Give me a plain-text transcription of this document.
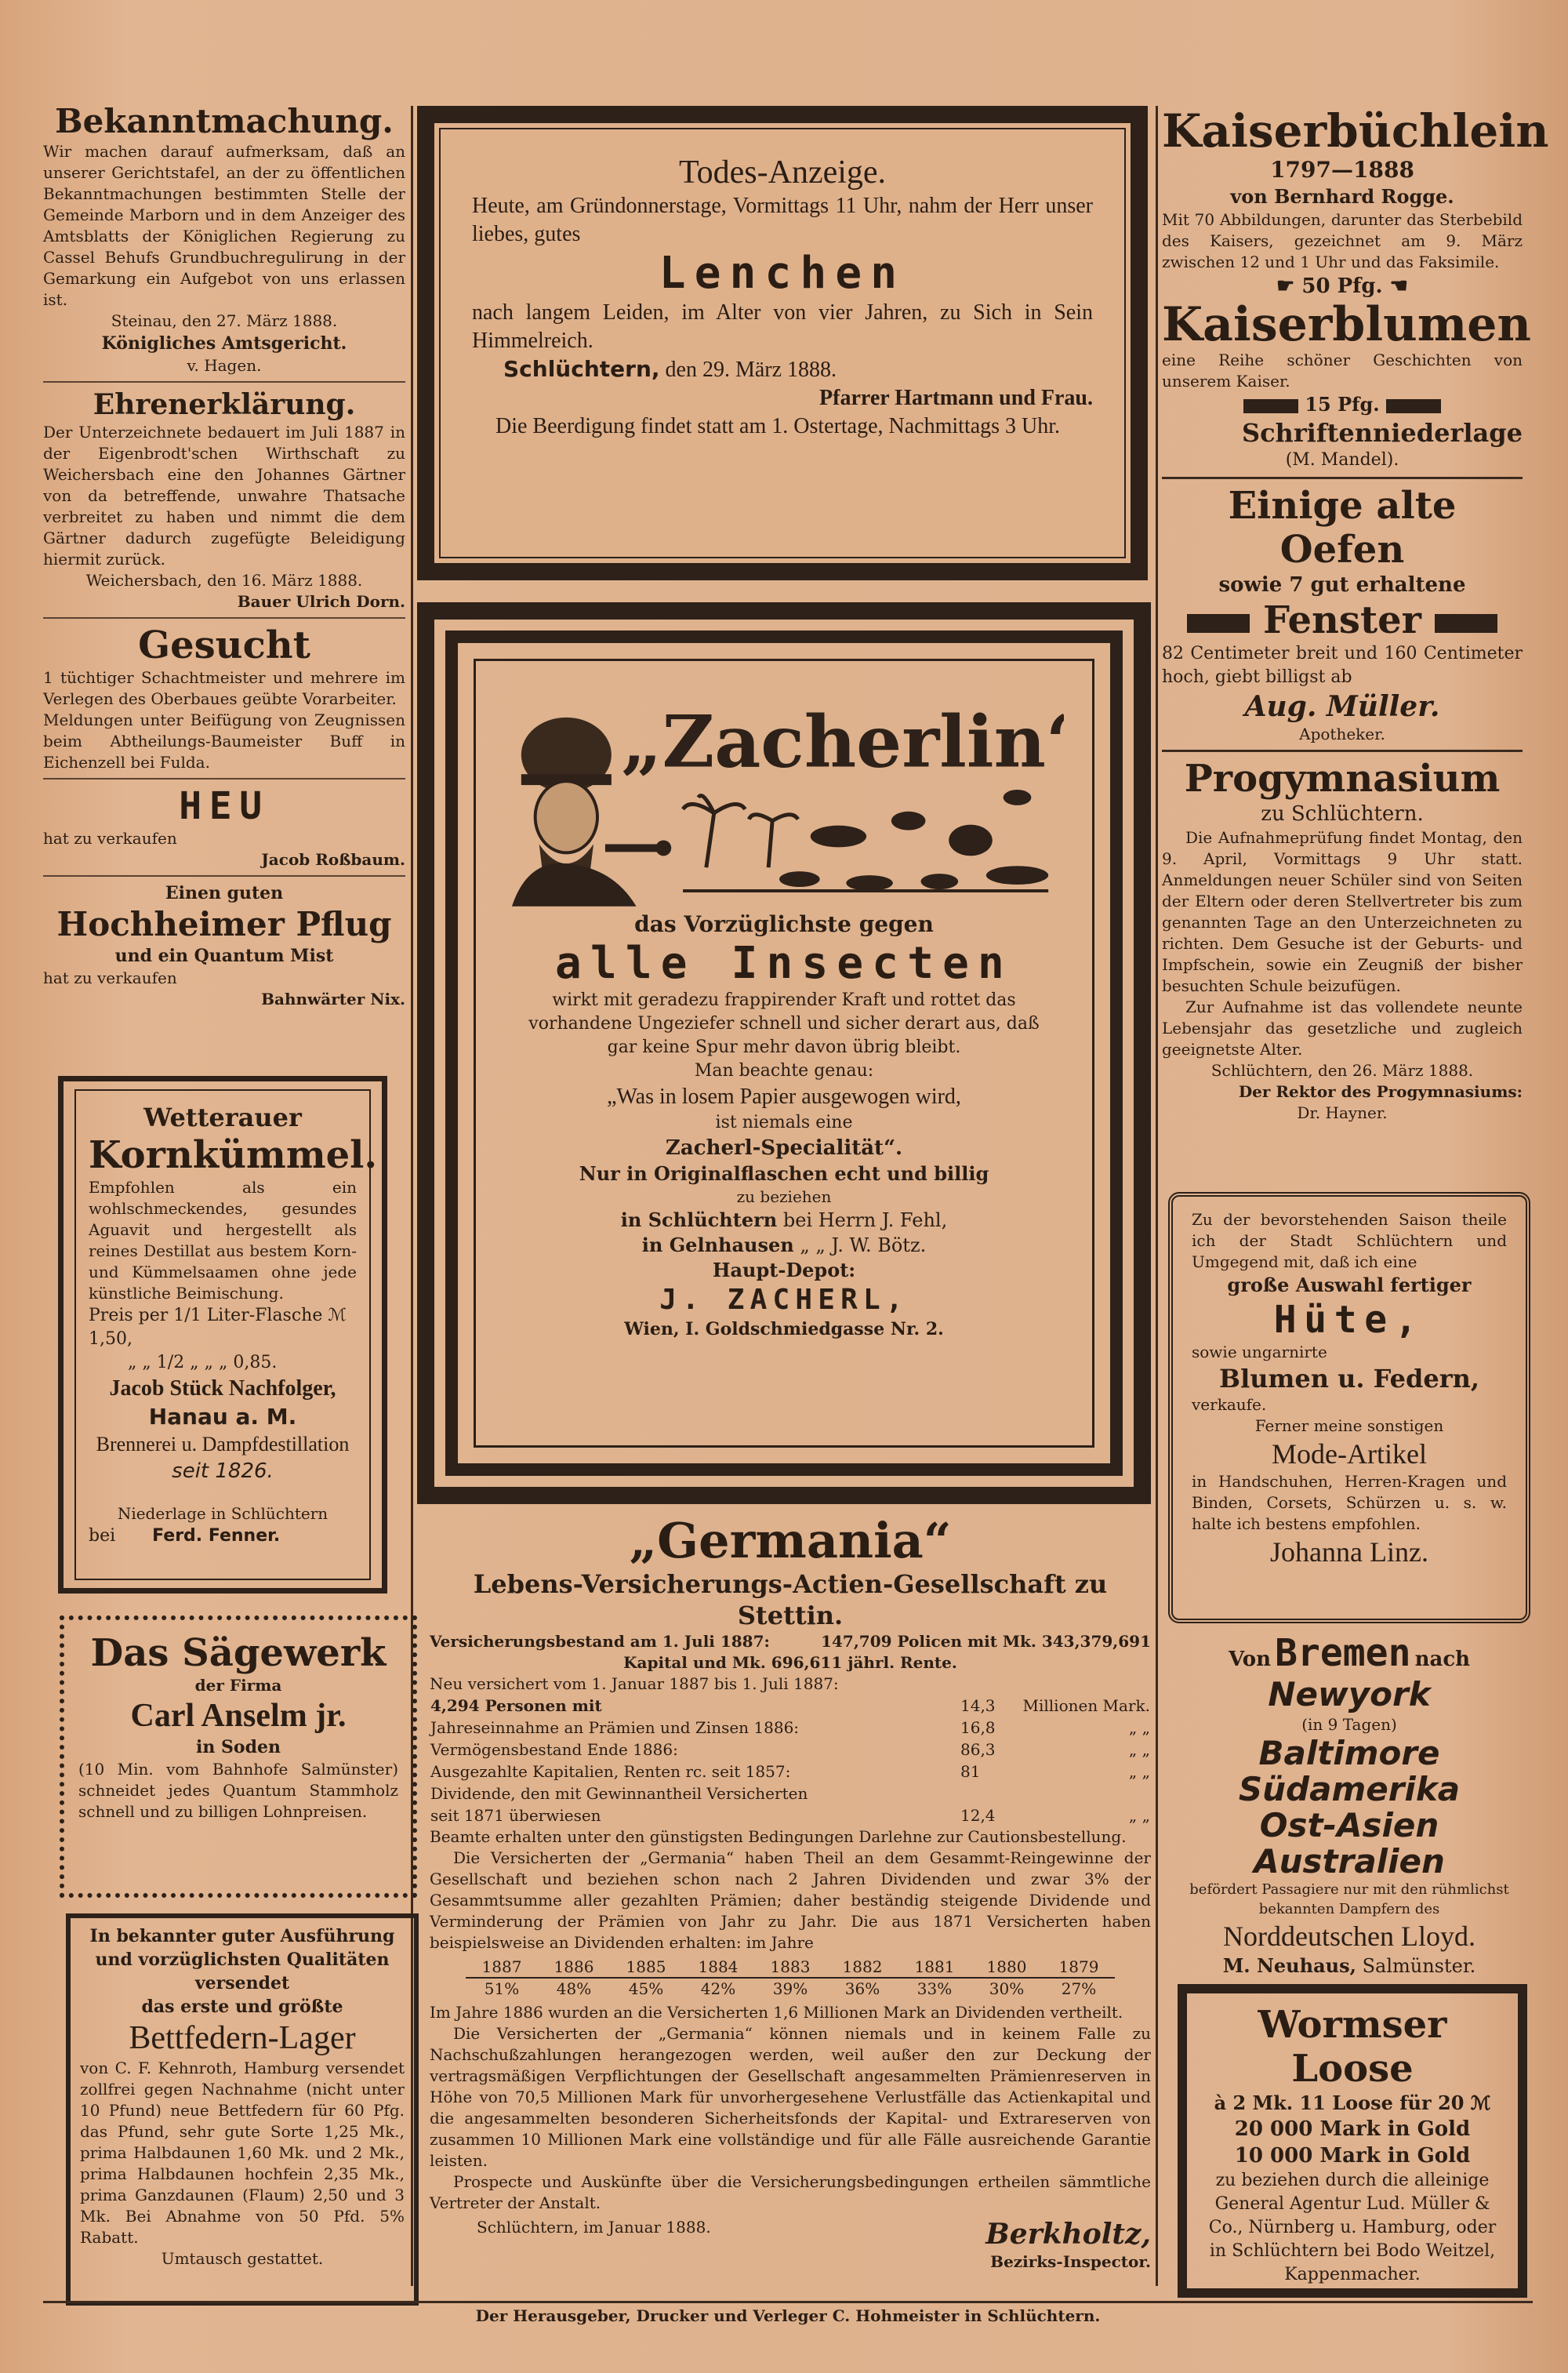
Bekanntmachung.

Wir machen darauf aufmerksam, daß an unserer Gerichtstafel, an der zu öffentlichen Bekanntmachungen bestimmten Stelle der Gemeinde Marborn und in dem Anzeiger des Amtsblatts der Königlichen Regierung zu Cassel Behufs Grundbuchregulirung in der Gemarkung ein Aufgebot von uns erlassen ist.

Steinau, den 27. März 1888.

Königliches Amtsgericht.

v. Hagen.

Ehrenerklärung.

Der Unterzeichnete bedauert im Juli 1887 in der Eigenbrodt'schen Wirthschaft zu Weichersbach eine den Johannes Gärtner von da betreffende, unwahre Thatsache verbreitet zu haben und nimmt die dem Gärtner dadurch zugefügte Beleidigung hiermit zurück.

Weichersbach, den 16. März 1888.

Bauer Ulrich Dorn.

Gesucht

1 tüchtiger Schachtmeister und mehrere im Verlegen des Oberbaues geübte Vorarbeiter.

Meldungen unter Beifügung von Zeugnissen beim Abtheilungs-Baumeister Buff in Eichenzell bei Fulda.

HEU

hat zu verkaufen

Jacob Roßbaum.

Einen guten

Hochheimer Pflug

und ein Quantum Mist

hat zu verkaufen

Bahnwärter Nix.

Wetterauer

Kornkümmel.

Empfohlen als ein wohlschmeckendes, gesundes Aguavit und hergestellt als reines Destillat aus bestem Korn- und Kümmelsaamen ohne jede künstliche Beimischung.

Preis per 1/1 Liter-Flasche ℳ 1,50,

„ „ 1/2 „ „ „ 0,85.

Jacob Stück Nachfolger,

Hanau a. M.

Brennerei u. Dampfdestillation

seit 1826.

Niederlage in Schlüchtern

bei Ferd. Fenner.

Das Sägewerk

der Firma

Carl Anselm jr.

in Soden

(10 Min. vom Bahnhofe Salmünster) schneidet jedes Quantum Stammholz schnell und zu billigen Lohnpreisen.

In bekannter guter Ausführung und vorzüglichsten Qualitäten versendet

das erste und größte

Bettfedern-Lager

von C. F. Kehnroth, Hamburg versendet zollfrei gegen Nachnahme (nicht unter 10 Pfund) neue Bettfedern für 60 Pfg. das Pfund, sehr gute Sorte 1,25 Mk., prima Halbdaunen 1,60 Mk. und 2 Mk., prima Halbdaunen hochfein 2,35 Mk., prima Ganzdaunen (Flaum) 2,50 und 3 Mk. Bei Abnahme von 50 Pfd. 5% Rabatt.

Umtausch gestattet.

Todes-Anzeige.

Heute, am Gründonnerstage, Vormittags 11 Uhr, nahm der Herr unser liebes, gutes

Lenchen

nach langem Leiden, im Alter von vier Jahren, zu Sich in Sein Himmelreich.

Schlüchtern, den 29. März 1888.

Pfarrer Hartmann und Frau.

Die Beerdigung findet statt am 1. Ostertage, Nachmittags 3 Uhr.

„Zacherlin“

das Vorzüglichste gegen

alle Insecten

wirkt mit geradezu frappirender Kraft und rottet das vorhandene Ungeziefer schnell und sicher derart aus, daß gar keine Spur mehr davon übrig bleibt.

Man beachte genau:

„Was in losem Papier ausgewogen wird,

ist niemals eine

Zacherl-Specialität“.

Nur in Originalflaschen echt und billig

zu beziehen

in Schlüchtern bei Herrn J. Fehl,

in Gelnhausen „ „ J. W. Bötz.

Haupt-Depot:

J. ZACHERL,

Wien, I. Goldschmiedgasse Nr. 2.

„Germania“

Lebens-Versicherungs-Actien-Gesellschaft zu Stettin.

Versicherungsbestand am 1. Juli 1887:	147,709 Policen mit Mk. 343,379,691

Kapital und Mk. 696,611 jährl. Rente.

Neu versichert vom 1. Januar 1887 bis 1. Juli 1887:

4,294 Personen mit	14,3	Millionen Mark.
Jahreseinnahme an Prämien und Zinsen 1886:	16,8	„ „
Vermögensbestand Ende 1886:	86,3	„ „
Ausgezahlte Kapitalien, Renten rc. seit 1857:	81	„ „
Dividende, den mit Gewinnantheil Versicherten		
seit 1871 überwiesen	12,4	„ „

Beamte erhalten unter den günstigsten Bedingungen Darlehne zur Cautionsbestellung.

Die Versicherten der „Germania“ haben Theil an dem Gesammt-Reingewinne der Gesellschaft und beziehen schon nach 2 Jahren Dividenden und zwar 3% der Gesammtsumme aller gezahlten Prämien; daher beständig steigende Dividende und Verminderung der Prämien von Jahr zu Jahr. Die aus 1871 Versicherten haben beispielsweise an Dividenden erhalten: im Jahre

1887	1886	1885	1884	1883	1882	1881	1880	1879
51%	48%	45%	42%	39%	36%	33%	30%	27%

Im Jahre 1886 wurden an die Versicherten 1,6 Millionen Mark an Dividenden vertheilt.

Die Versicherten der „Germania“ können niemals und in keinem Falle zu Nachschußzahlungen herangezogen werden, weil außer den zur Deckung der vertragsmäßigen Verpflichtungen der Gesellschaft angesammelten Prämienreserven in Höhe von 70,5 Millionen Mark für unvorhergesehene Verlustfälle das Actienkapital und die angesammelten besonderen Sicherheitsfonds der Kapital- und Extrareserven von zusammen 10 Millionen Mark eine vollständige und für alle Fälle ausreichende Garantie leisten.

Prospecte und Auskünfte über die Versicherungsbedingungen ertheilen sämmtliche Vertreter der Anstalt.

Schlüchtern, im Januar 1888.	Berkholtz,

Bezirks-Inspector.

Kaiserbüchlein

1797—1888

von Bernhard Rogge.

Mit 70 Abbildungen, darunter das Sterbebild des Kaisers, gezeichnet am 9. März zwischen 12 und 1 Uhr und das Faksimile.

☛ 50 Pfg. ☚

Kaiserblumen

eine Reihe schöner Geschichten von unserem Kaiser.

15 Pfg.

Schriftenniederlage

(M. Mandel).

Einige alte Oefen

sowie 7 gut erhaltene

Fenster

82 Centimeter breit und 160 Centimeter hoch, giebt billigst ab

Aug. Müller.

Apotheker.

Progymnasium

zu Schlüchtern.

Die Aufnahmeprüfung findet Montag, den 9. April, Vormittags 9 Uhr statt. Anmeldungen neuer Schüler sind von Seiten der Eltern oder deren Stellvertreter bis zum genannten Tage an den Unterzeichneten zu richten. Dem Gesuche ist der Geburts- und Impfschein, sowie ein Zeugniß der bisher besuchten Schule beizufügen.

Zur Aufnahme ist das vollendete neunte Lebensjahr das gesetzliche und zugleich geeignetste Alter.

Schlüchtern, den 26. März 1888.

Der Rektor des Progymnasiums:

Dr. Hayner.

Zu der bevorstehenden Saison theile ich der Stadt Schlüchtern und Umgegend mit, daß ich eine

große Auswahl fertiger

Hüte,

sowie ungarnirte

Blumen u. Federn,

verkaufe.

Ferner meine sonstigen

Mode-Artikel

in Handschuhen, Herren-Kragen und Binden, Corsets, Schürzen u. s. w. halte ich bestens empfohlen.

Johanna Linz.

Von Bremen nach
Newyork

(in 9 Tagen)

Baltimore
Südamerika
Ost-Asien
Australien

befördert Passagiere nur mit den rühmlichst bekannten Dampfern des

Norddeutschen Lloyd.

M. Neuhaus, Salmünster.

Wormser Loose

à 2 Mk. 11 Loose für 20 ℳ

20 000 Mark in Gold

10 000 Mark in Gold

zu beziehen durch die alleinige General Agentur Lud. Müller & Co., Nürnberg u. Hamburg, oder in Schlüchtern bei Bodo Weitzel, Kappenmacher.

Der Herausgeber, Drucker und Verleger C. Hohmeister in Schlüchtern.
